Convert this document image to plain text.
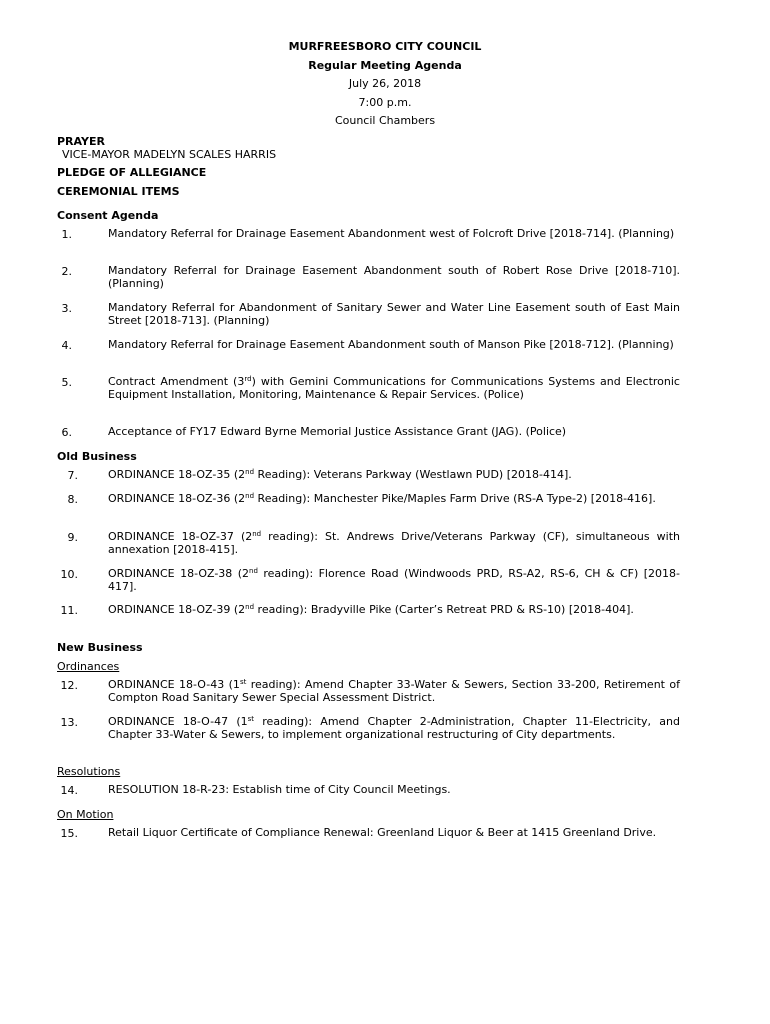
MURFREESBORO CITY COUNCIL
Regular Meeting Agenda
July 26, 2018
7:00 p.m.
Council Chambers
PRAYER
VICE-MAYOR MADELYN SCALES HARRIS
PLEDGE OF ALLEGIANCE
CEREMONIAL ITEMS
Consent Agenda
1.	Mandatory Referral for Drainage Easement Abandonment west of Folcroft Drive [2018-714]. (Planning)
2.	Mandatory Referral for Drainage Easement Abandonment south of Robert Rose Drive [2018-710]. (Planning)
3.	Mandatory Referral for Abandonment of Sanitary Sewer and Water Line Easement south of East Main Street [2018-713]. (Planning)
4.	Mandatory Referral for Drainage Easement Abandonment south of Manson Pike [2018-712]. (Planning)
5.	Contract Amendment (3rd) with Gemini Communications for Communications Systems and Electronic Equipment Installation, Monitoring, Maintenance & Repair Services. (Police)
6.	Acceptance of FY17 Edward Byrne Memorial Justice Assistance Grant (JAG). (Police)
Old Business
7.	ORDINANCE 18-OZ-35 (2nd Reading): Veterans Parkway (Westlawn PUD) [2018-414].
8.	ORDINANCE 18-OZ-36 (2nd Reading): Manchester Pike/Maples Farm Drive (RS-A Type-2) [2018-416].
9.	ORDINANCE 18-OZ-37 (2nd reading): St. Andrews Drive/Veterans Parkway (CF), simultaneous with annexation [2018-415].
10.	ORDINANCE 18-OZ-38 (2nd reading): Florence Road (Windwoods PRD, RS-A2, RS-6, CH & CF) [2018-417].
11.	ORDINANCE 18-OZ-39 (2nd reading): Bradyville Pike (Carter’s Retreat PRD & RS-10) [2018-404].
New Business
Ordinances
12.	ORDINANCE 18-O-43 (1st reading): Amend Chapter 33-Water & Sewers, Section 33-200, Retirement of Compton Road Sanitary Sewer Special Assessment District.
13.	ORDINANCE 18-O-47 (1st reading): Amend Chapter 2-Administration, Chapter 11-Electricity, and Chapter 33-Water & Sewers, to implement organizational restructuring of City departments.
Resolutions
14.	RESOLUTION 18-R-23: Establish time of City Council Meetings.
On Motion
15.	Retail Liquor Certificate of Compliance Renewal: Greenland Liquor & Beer at 1415 Greenland Drive.
